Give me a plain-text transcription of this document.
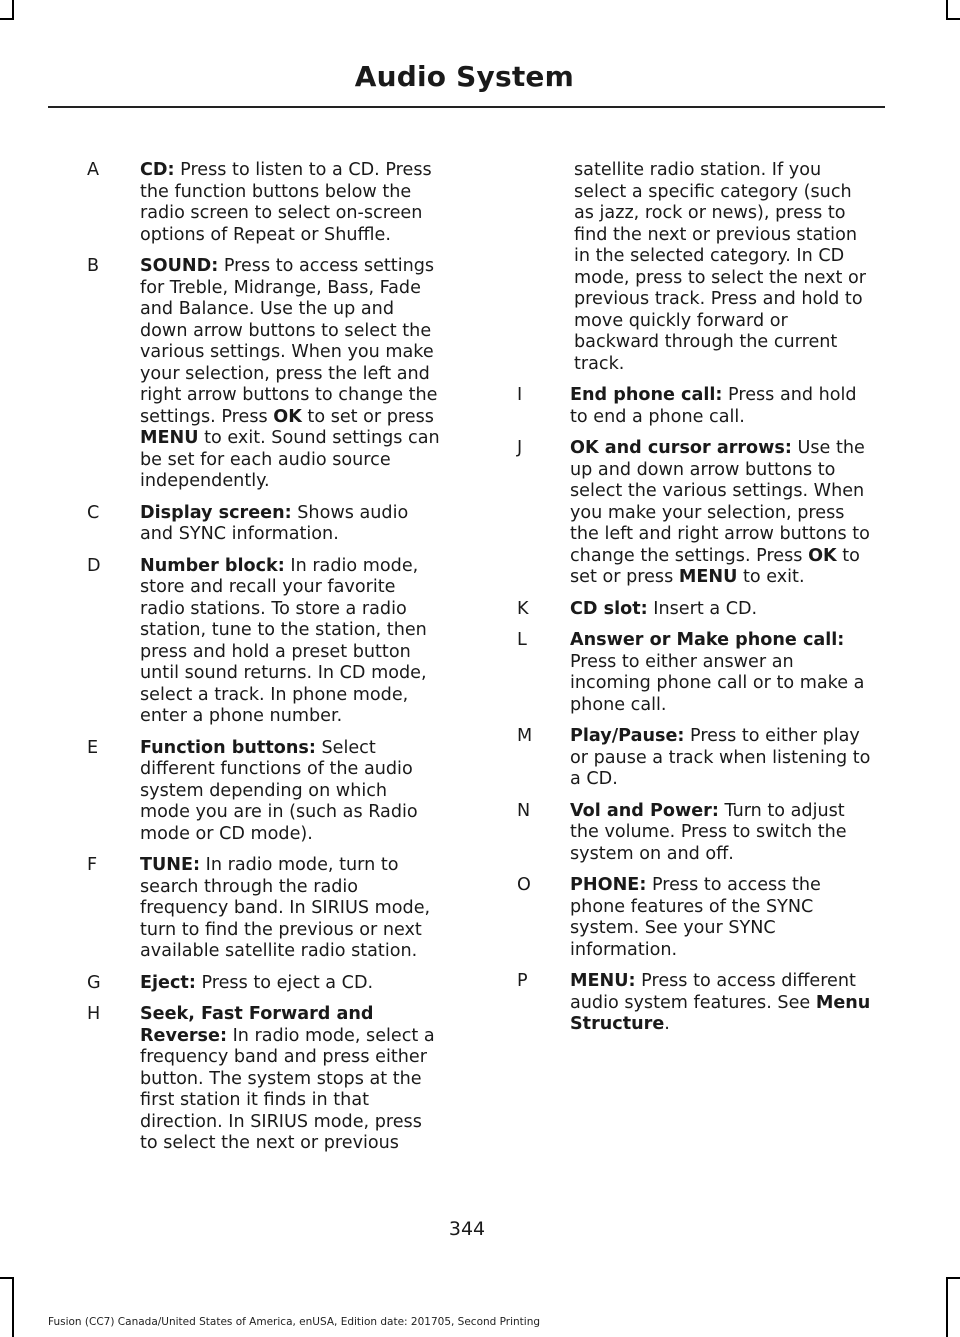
Audio System
A	CD: Press to listen to a CD. Press the function buttons below the radio screen to select on-screen options of Repeat or Shuffle.
B	SOUND: Press to access settings for Treble, Midrange, Bass, Fade and Balance. Use the up and down arrow buttons to select the various settings. When you make your selection, press the left and right arrow buttons to change the settings. Press OK to set or press MENU to exit. Sound settings can be set for each audio source independently.
C	Display screen: Shows audio and SYNC information.
D	Number block: In radio mode, store and recall your favorite radio stations. To store a radio station, tune to the station, then press and hold a preset button until sound returns. In CD mode, select a track. In phone mode, enter a phone number.
E	Function buttons: Select different functions of the audio system depending on which mode you are in (such as Radio mode or CD mode).
F	TUNE: In radio mode, turn to search through the radio frequency band. In SIRIUS mode, turn to find the previous or next available satellite radio station.
G	Eject: Press to eject a CD.
H	Seek, Fast Forward and Reverse: In radio mode, select a frequency band and press either button. The system stops at the first station it finds in that direction. In SIRIUS mode, press to select the next or previous
satellite radio station. If you select a specific category (such as jazz, rock or news), press to find the next or previous station in the selected category. In CD mode, press to select the next or previous track. Press and hold to move quickly forward or backward through the current track.
I	End phone call: Press and hold to end a phone call.
J	OK and cursor arrows: Use the up and down arrow buttons to select the various settings. When you make your selection, press the left and right arrow buttons to change the settings. Press OK to set or press MENU to exit.
K	CD slot: Insert a CD.
L	Answer or Make phone call: Press to either answer an incoming phone call or to make a phone call.
M	Play/Pause: Press to either play or pause a track when listening to a CD.
N	Vol and Power: Turn to adjust the volume. Press to switch the system on and off.
O	PHONE: Press to access the phone features of the SYNC system. See your SYNC information.
P	MENU: Press to access different audio system features. See Menu Structure.
344
Fusion (CC7) Canada/United States of America, enUSA, Edition date: 201705, Second Printing
